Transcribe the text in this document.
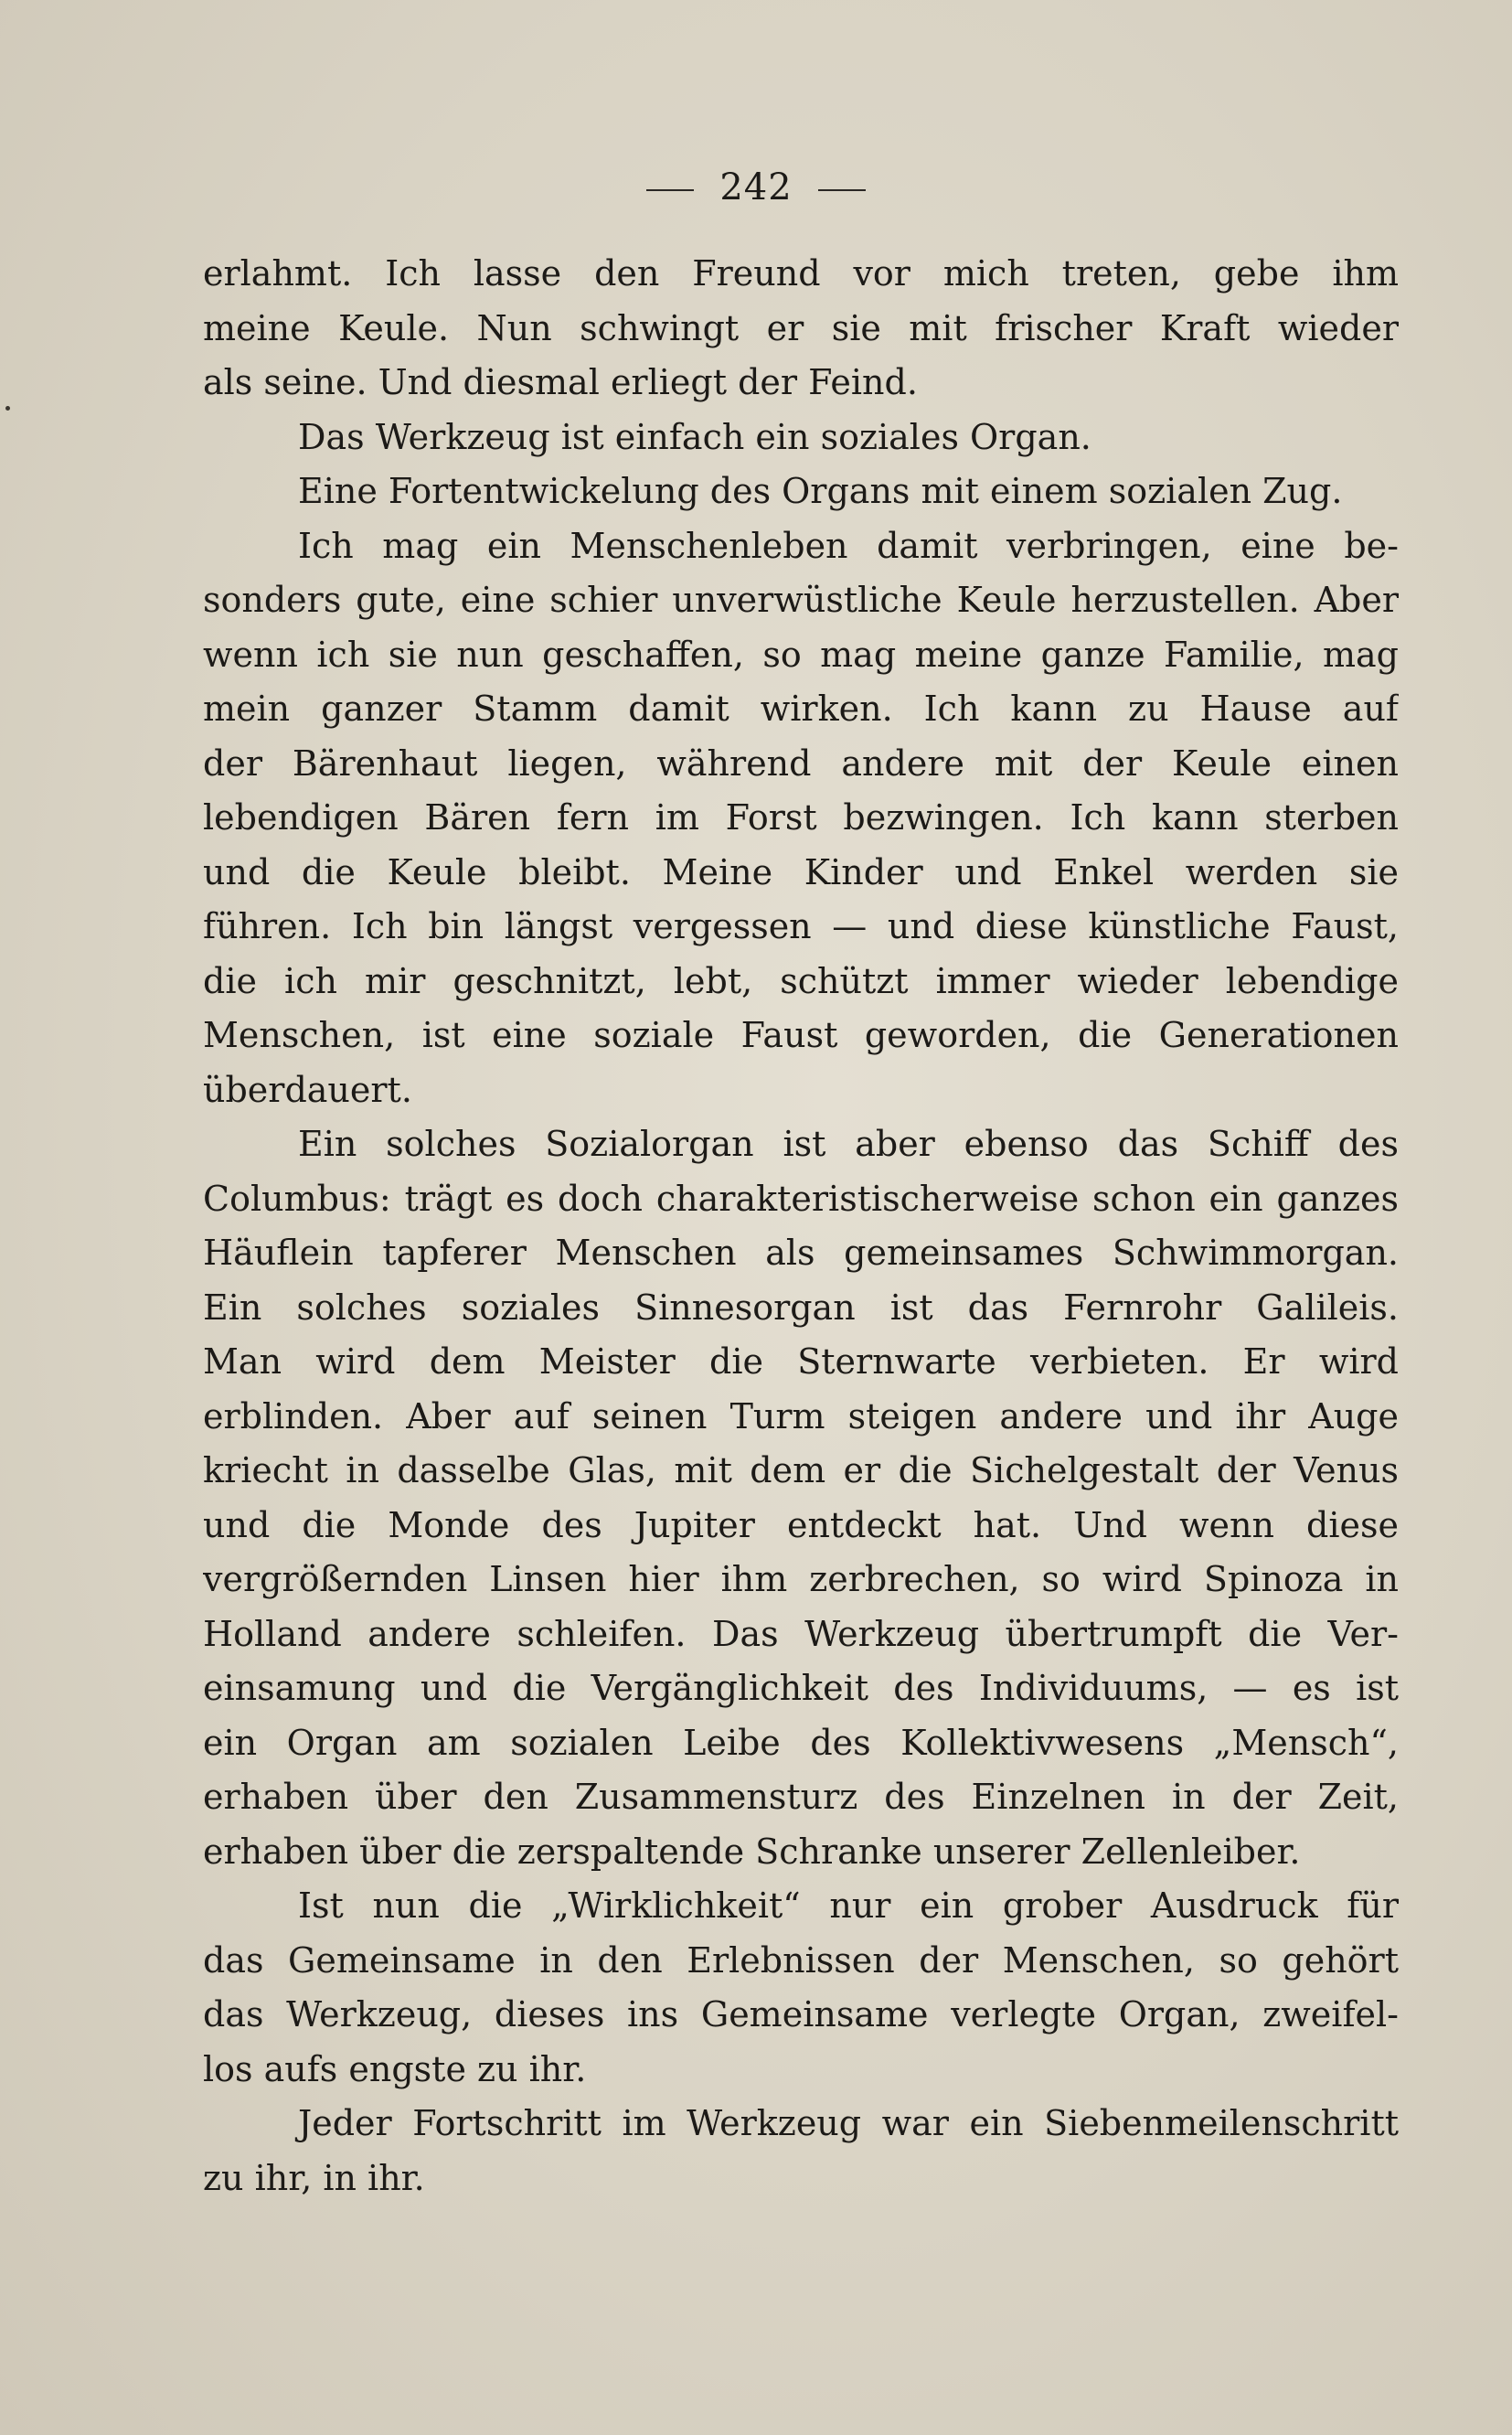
242
erlahmt. Ich lasse den Freund vor mich treten, gebe ihm
meine Keule. Nun schwingt er sie mit frischer Kraft wieder
als seine. Und diesmal erliegt der Feind.
Das Werkzeug ist einfach ein soziales Organ.
Eine Fortentwickelung des Organs mit einem sozialen Zug.
Ich mag ein Menschenleben damit verbringen, eine be-
sonders gute, eine schier unverwüstliche Keule herzustellen. Aber
wenn ich sie nun geschaffen, so mag meine ganze Familie, mag
mein ganzer Stamm damit wirken. Ich kann zu Hause auf
der Bärenhaut liegen, während andere mit der Keule einen
lebendigen Bären fern im Forst bezwingen. Ich kann sterben
und die Keule bleibt. Meine Kinder und Enkel werden sie
führen. Ich bin längst vergessen — und diese künstliche Faust,
die ich mir geschnitzt, lebt, schützt immer wieder lebendige
Menschen, ist eine soziale Faust geworden, die Generationen
überdauert.
Ein solches Sozialorgan ist aber ebenso das Schiff des
Columbus: trägt es doch charakteristischerweise schon ein ganzes
Häuflein tapferer Menschen als gemeinsames Schwimmorgan.
Ein solches soziales Sinnesorgan ist das Fernrohr Galileis.
Man wird dem Meister die Sternwarte verbieten. Er wird
erblinden. Aber auf seinen Turm steigen andere und ihr Auge
kriecht in dasselbe Glas, mit dem er die Sichelgestalt der Venus
und die Monde des Jupiter entdeckt hat. Und wenn diese
vergrößernden Linsen hier ihm zerbrechen, so wird Spinoza in
Holland andere schleifen. Das Werkzeug übertrumpft die Ver-
einsamung und die Vergänglichkeit des Individuums, — es ist
ein Organ am sozialen Leibe des Kollektivwesens „Mensch“,
erhaben über den Zusammensturz des Einzelnen in der Zeit,
erhaben über die zerspaltende Schranke unserer Zellenleiber.
Ist nun die „Wirklichkeit“ nur ein grober Ausdruck für
das Gemeinsame in den Erlebnissen der Menschen, so gehört
das Werkzeug, dieses ins Gemeinsame verlegte Organ, zweifel-
los aufs engste zu ihr.
Jeder Fortschritt im Werkzeug war ein Siebenmeilenschritt
zu ihr, in ihr.
